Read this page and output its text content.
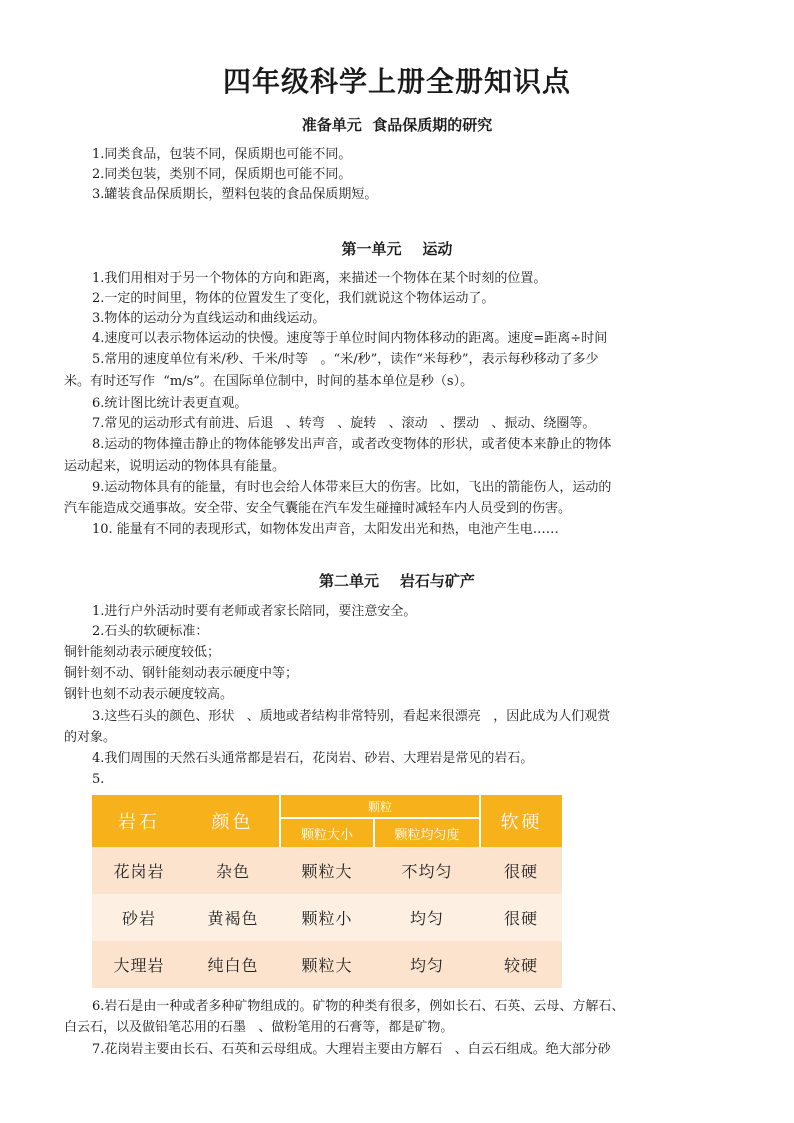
四年级科学上册全册知识点
准备单元  食品保质期的研究
1.同类食品，包装不同，保质期也可能不同。
2.同类包装，类别不同，保质期也可能不同。
3.罐装食品保质期长，塑料包装的食品保质期短。
第一单元    运动
1.我们用相对于另一个物体的方向和距离，来描述一个物体在某个时刻的位置。
2.一定的时间里，物体的位置发生了变化，我们就说这个物体运动了。
3.物体的运动分为直线运动和曲线运动。
4.速度可以表示物体运动的快慢。速度等于单位时间内物体移动的距离。速度=距离÷时间
5.常用的速度单位有米/秒、千米/时等   。“米/秒”，读作“米每秒”，表示每秒移动了多少
米。有时还写作  “m/s”。在国际单位制中，时间的基本单位是秒（s）。
6.统计图比统计表更直观。
7.常见的运动形式有前进、后退   、转弯   、旋转   、滚动   、摆动   、振动、绕圈等。
8.运动的物体撞击静止的物体能够发出声音，或者改变物体的形状，或者使本来静止的物体
运动起来，说明运动的物体具有能量。
9.运动物体具有的能量，有时也会给人体带来巨大的伤害。比如，飞出的箭能伤人，运动的
汽车能造成交通事故。安全带、安全气囊能在汽车发生碰撞时减轻车内人员受到的伤害。
10. 能量有不同的表现形式，如物体发出声音，太阳发出光和热，电池产生电……
第二单元    岩石与矿产
1.进行户外活动时要有老师或者家长陪同，要注意安全。
2.石头的软硬标准：
铜针能刻动表示硬度较低；
铜针刻不动、钢针能刻动表示硬度中等；
钢针也刻不动表示硬度较高。
3.这些石头的颜色、形状   、质地或者结构非常特别，看起来很漂亮   ，因此成为人们观赏
的对象。
4.我们周围的天然石头通常都是岩石，花岗岩、砂岩、大理岩是常见的岩石。
5.
岩石	颜色	颗粒		软硬
		颗粒大小	颗粒均匀度	
花岗岩	杂色	颗粒大	不均匀	很硬
砂岩	黄褐色	颗粒小	均匀	很硬
大理岩	纯白色	颗粒大	均匀	较硬
6.岩石是由一种或者多种矿物组成的。矿物的种类有很多，例如长石、石英、云母、方解石、
白云石，以及做铅笔芯用的石墨   、做粉笔用的石膏等，都是矿物。
7.花岗岩主要由长石、石英和云母组成。大理岩主要由方解石   、白云石组成。绝大部分砂
